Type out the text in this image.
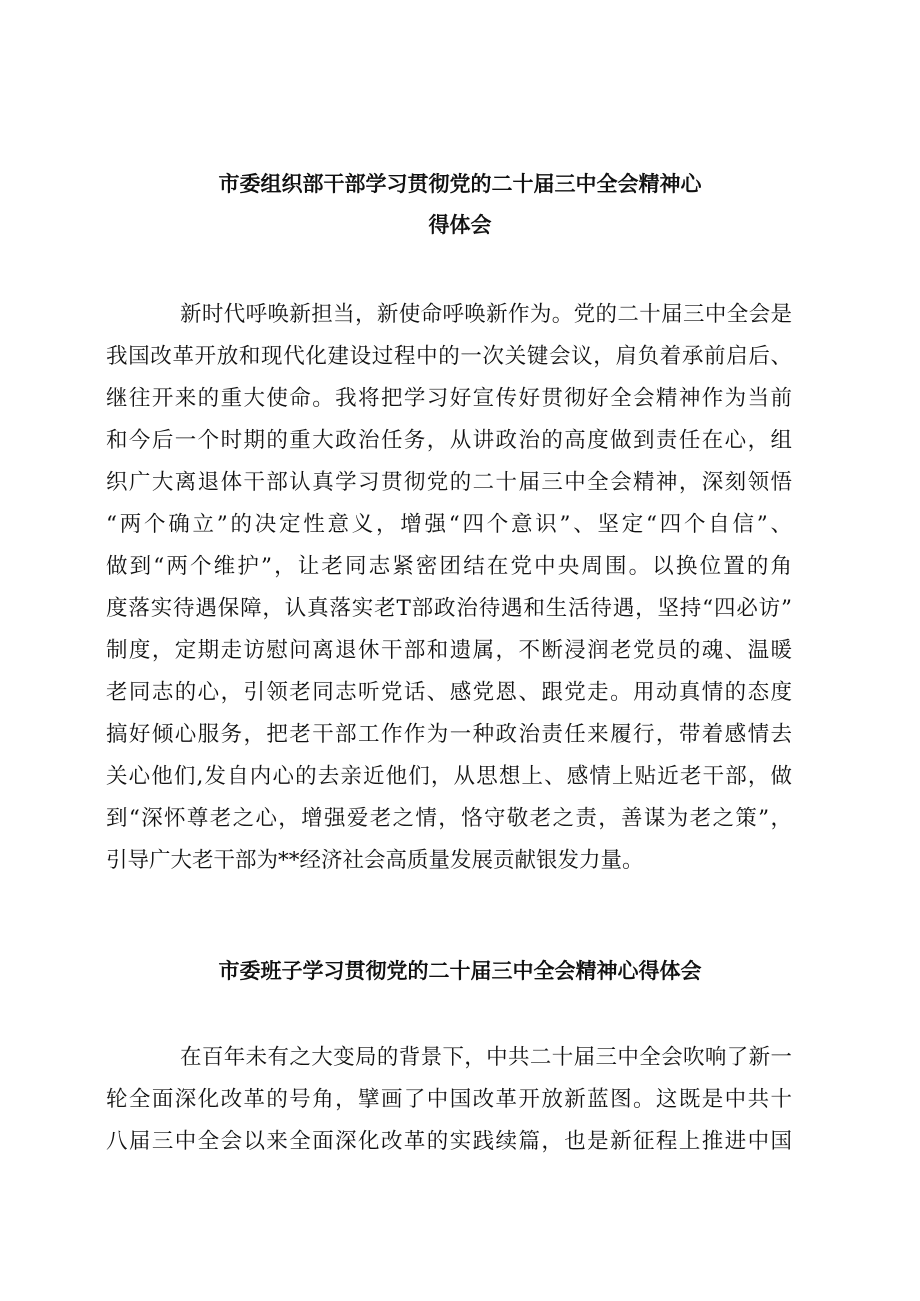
市委组织部干部学习贯彻党的二十届三中全会精神心
得体会
新时代呼唤新担当，新使命呼唤新作为。党的二十届三中全会是
我国改革开放和现代化建设过程中的一次关键会议，肩负着承前启后、
继往开来的重大使命。我将把学习好宣传好贯彻好全会精神作为当前
和今后一个时期的重大政治任务，从讲政治的高度做到责任在心，组
织广大离退体干部认真学习贯彻党的二十届三中全会精神，深刻领悟
“两个确立”的决定性意义，增强“四个意识”、坚定“四个自信”、
做到“两个维护”，让老同志紧密团结在党中央周围。以换位置的角
度落实待遇保障，认真落实老T部政治待遇和生活待遇，坚持“四必访”
制度，定期走访慰问离退休干部和遗属，不断浸润老党员的魂、温暖
老同志的心，引领老同志听党话、感党恩、跟党走。用动真情的态度
搞好倾心服务，把老干部工作作为一种政治责任来履行，带着感情去
关心他们,发自内心的去亲近他们，从思想上、感情上贴近老干部，做
到“深怀尊老之心，增强爱老之情，恪守敬老之责，善谋为老之策”，
引导广大老干部为**经济社会高质量发展贡献银发力量。
市委班子学习贯彻党的二十届三中全会精神心得体会
在百年未有之大变局的背景下，中共二十届三中全会吹响了新一
轮全面深化改革的号角，擘画了中国改革开放新蓝图。这既是中共十
八届三中全会以来全面深化改革的实践续篇，也是新征程上推进中国
